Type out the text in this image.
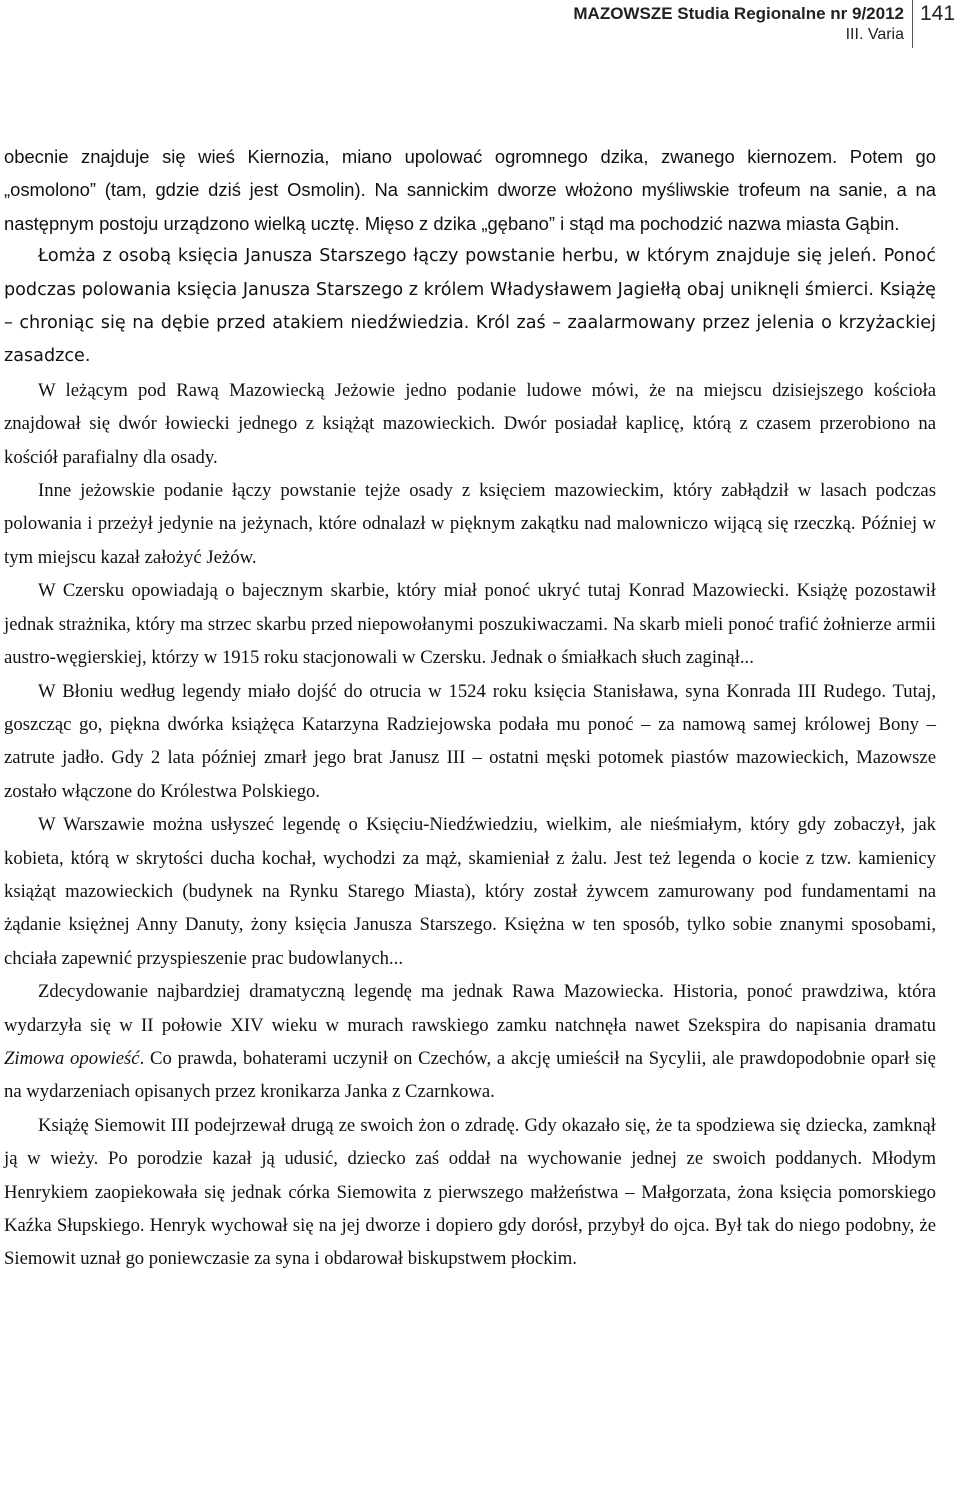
MAZOWSZE Studia Regionalne nr 9/2012
III. Varia
141

obecnie znajduje się wieś Kiernozia, miano upolować ogromnego dzika, zwanego kiernozem. Potem go „osmolono” (tam, gdzie dziś jest Osmolin). Na sannickim dworze włożono myśliwskie trofeum na sanie, a na następnym postoju urządzono wielką ucztę. Mięso z dzika „gębano” i stąd ma pochodzić nazwa miasta Gąbin.

Łomża z osobą księcia Janusza Starszego łączy powstanie herbu, w którym znajduje się jeleń. Ponoć podczas polowania księcia Janusza Starszego z królem Władysławem Jagiełłą obaj uniknęli śmierci. Książę – chroniąc się na dębie przed atakiem niedźwiedzia. Król zaś – zaalarmowany przez jelenia o krzyżackiej zasadzce.

W leżącym pod Rawą Mazowiecką Jeżowie jedno podanie ludowe mówi, że na miejscu dzisiejszego kościoła znajdował się dwór łowiecki jednego z książąt mazowieckich. Dwór posiadał kaplicę, którą z czasem przerobiono na kościół parafialny dla osady.

Inne jeżowskie podanie łączy powstanie tejże osady z księciem mazowieckim, który zabłądził w lasach podczas polowania i przeżył jedynie na jeżynach, które odnalazł w pięknym zakątku nad malowniczo wijącą się rzeczką. Później w tym miejscu kazał założyć Jeżów.

W Czersku opowiadają o bajecznym skarbie, który miał ponoć ukryć tutaj Konrad Mazowiecki. Książę pozostawił jednak strażnika, który ma strzec skarbu przed niepowołanymi poszukiwaczami. Na skarb mieli ponoć trafić żołnierze armii austro-węgierskiej, którzy w 1915 roku stacjonowali w Czersku. Jednak o śmiałkach słuch zaginął...

W Błoniu według legendy miało dojść do otrucia w 1524 roku księcia Stanisława, syna Konrada III Rudego. Tutaj, goszcząc go, piękna dwórka książęca Katarzyna Radziejowska podała mu ponoć – za namową samej królowej Bony – zatrute jadło. Gdy 2 lata później zmarł jego brat Janusz III – ostatni męski potomek piastów mazowieckich, Mazowsze zostało włączone do Królestwa Polskiego.

W Warszawie można usłyszeć legendę o Księciu-Niedźwiedziu, wielkim, ale nieśmiałym, który gdy zobaczył, jak kobieta, którą w skrytości ducha kochał, wychodzi za mąż, skamieniał z żalu. Jest też legenda o kocie z tzw. kamienicy książąt mazowieckich (budynek na Rynku Starego Miasta), który został żywcem zamurowany pod fundamentami na żądanie księżnej Anny Danuty, żony księcia Janusza Starszego. Księżna w ten sposób, tylko sobie znanymi sposobami, chciała zapewnić przyspieszenie prac budowlanych...

Zdecydowanie najbardziej dramatyczną legendę ma jednak Rawa Mazowiecka. Historia, ponoć prawdziwa, która wydarzyła się w II połowie XIV wieku w murach rawskiego zamku natchnęła nawet Szekspira do napisania dramatu Zimowa opowieść. Co prawda, bohaterami uczynił on Czechów, a akcję umieścił na Sycylii, ale prawdopodobnie oparł się na wydarzeniach opisanych przez kronikarza Janka z Czarnkowa.

Książę Siemowit III podejrzewał drugą ze swoich żon o zdradę. Gdy okazało się, że ta spodziewa się dziecka, zamknął ją w wieży. Po porodzie kazał ją udusić, dziecko zaś oddał na wychowanie jednej ze swoich poddanych. Młodym Henrykiem zaopiekowała się jednak córka Siemowita z pierwszego małżeństwa – Małgorzata, żona księcia pomorskiego Kaźka Słupskiego. Henryk wychował się na jej dworze i dopiero gdy dorósł, przybył do ojca. Był tak do niego podobny, że Siemowit uznał go poniewczasie za syna i obdarował biskupstwem płockim.
